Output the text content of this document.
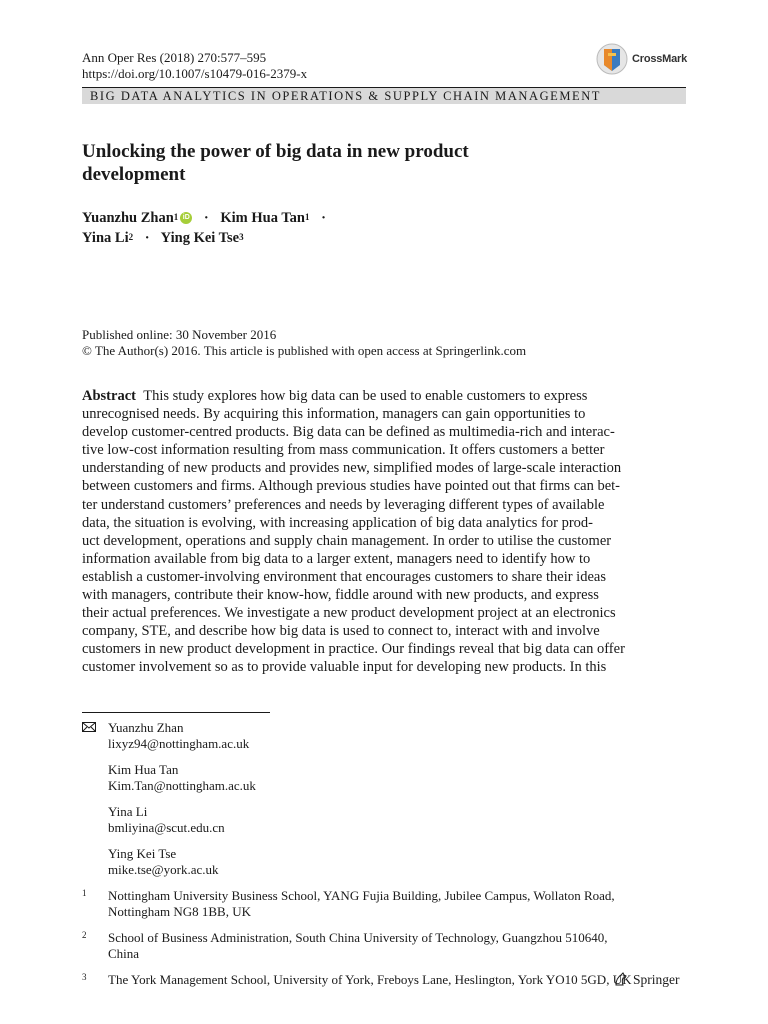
Ann Oper Res (2018) 270:577–595
https://doi.org/10.1007/s10479-016-2379-x
CrossMark
BIG DATA ANALYTICS IN OPERATIONS & SUPPLY CHAIN MANAGEMENT
Unlocking the power of big data in new product
development
Yuanzhu Zhan$^1$ iD · Kim Hua Tan$^1$ ·
Yina $Li^2$ · Ying Kei Tse$^3$
Published online: 30 November 2016
© The Author(s) 2016. This article is published with open access at Springerlink.com
Abstract This study explores how big data can be used to enable customers to express
unrecognised needs. By acquiring this information, managers can gain opportunities to
develop customer-centred products. Big data can be defined as multimedia-rich and interac-
tive low-cost information resulting from mass communication. It offers customers a better
understanding of new products and provides new, simplified modes of large-scale interaction
between customers and firms. Although previous studies have pointed out that firms can bet-
ter understand customers’ preferences and needs by leveraging different types of available
data, the situation is evolving, with increasing application of big data analytics for prod-
uct development, operations and supply chain management. In order to utilise the customer
information available from big data to a larger extent, managers need to identify how to
establish a customer-involving environment that encourages customers to share their ideas
with managers, contribute their know-how, fiddle around with new products, and express
their actual preferences. We investigate a new product development project at an electronics
company, STE, and describe how big data is used to connect to, interact with and involve
customers in new product development in practice. Our findings reveal that big data can offer
customer involvement so as to provide valuable input for developing new products. In this
Yuanzhu Zhan
lixyz94@nottingham.ac.uk
Kim Hua Tan
Kim.Tan@nottingham.ac.uk
Yina Li
bmliyina@scut.edu.cn
Ying Kei Tse
mike.tse@york.ac.uk
1 Nottingham University Business School, YANG Fujia Building, Jubilee Campus, Wollaton Road,
Nottingham NG8 1BB, UK
2 School of Business Administration, South China University of Technology, Guangzhou 510640,
China
3 The York Management School, University of York, Freboys Lane, Heslington, York YO10 5GD, UK Springer
